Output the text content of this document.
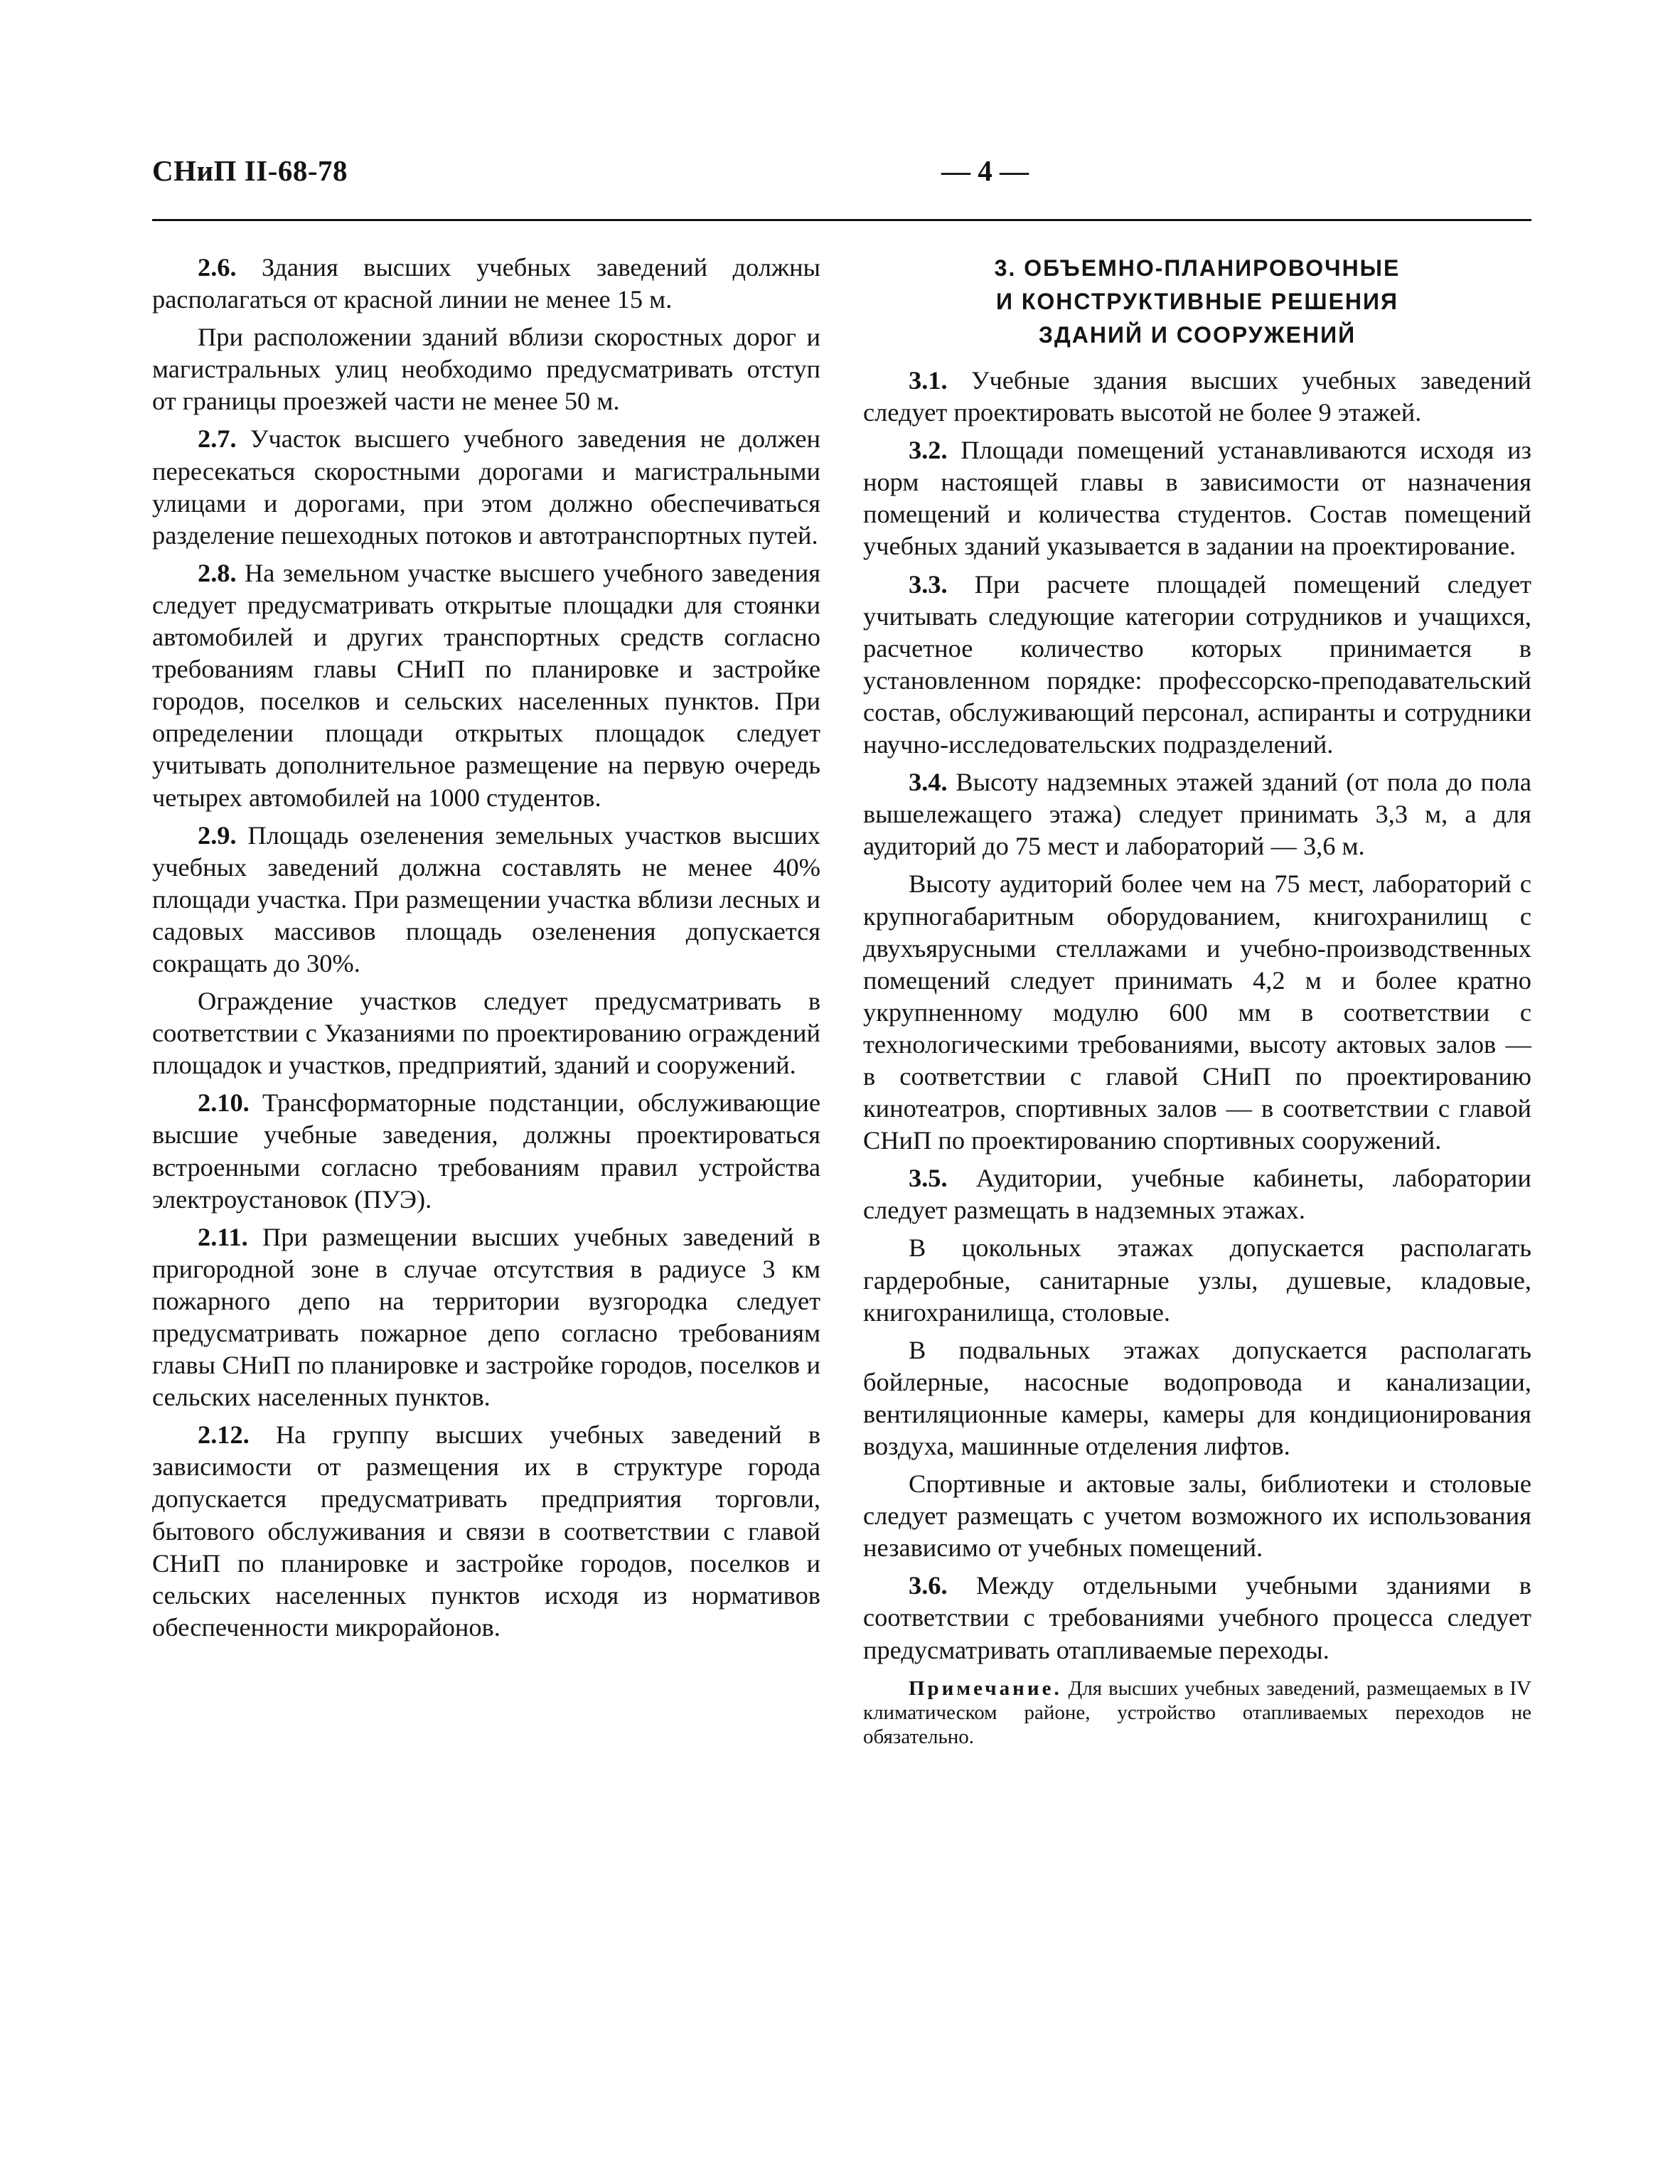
СНиП II-68-78	— 4 —

2.6. Здания высших учебных заведений должны располагаться от красной линии не менее 15 м.

При расположении зданий вблизи скоростных дорог и магистральных улиц необходимо предусматривать отступ от границы проезжей части не менее 50 м.

2.7. Участок высшего учебного заведения не должен пересекаться скоростными дорогами и магистральными улицами и дорогами, при этом должно обеспечиваться разделение пешеходных потоков и автотранспортных путей.

2.8. На земельном участке высшего учебного заведения следует предусматривать открытые площадки для стоянки автомобилей и других транспортных средств согласно требованиям главы СНиП по планировке и застройке городов, поселков и сельских населенных пунктов. При определении площади открытых площадок следует учитывать дополнительное размещение на первую очередь четырех автомобилей на 1000 студентов.

2.9. Площадь озеленения земельных участков высших учебных заведений должна составлять не менее 40% площади участка. При размещении участка вблизи лесных и садовых массивов площадь озеленения допускается сокращать до 30%.

Ограждение участков следует предусматривать в соответствии с Указаниями по проектированию ограждений площадок и участков, предприятий, зданий и сооружений.

2.10. Трансформаторные подстанции, обслуживающие высшие учебные заведения, должны проектироваться встроенными согласно требованиям правил устройства электроустановок (ПУЭ).

2.11. При размещении высших учебных заведений в пригородной зоне в случае отсутствия в радиусе 3 км пожарного депо на территории вузгородка следует предусматривать пожарное депо согласно требованиям главы СНиП по планировке и застройке городов, поселков и сельских населенных пунктов.

2.12. На группу высших учебных заведений в зависимости от размещения их в структуре города допускается предусматривать предприятия торговли, бытового обслуживания и связи в соответствии с главой СНиП по планировке и застройке городов, поселков и сельских населенных пунктов исходя из нормативов обеспеченности микрорайонов.

3. ОБЪЕМНО-ПЛАНИРОВОЧНЫЕ
И КОНСТРУКТИВНЫЕ РЕШЕНИЯ
ЗДАНИЙ И СООРУЖЕНИЙ

3.1. Учебные здания высших учебных заведений следует проектировать высотой не более 9 этажей.

3.2. Площади помещений устанавливаются исходя из норм настоящей главы в зависимости от назначения помещений и количества студентов. Состав помещений учебных зданий указывается в задании на проектирование.

3.3. При расчете площадей помещений следует учитывать следующие категории сотрудников и учащихся, расчетное количество которых принимается в установленном порядке: профессорско-преподавательский состав, обслуживающий персонал, аспиранты и сотрудники научно-исследовательских подразделений.

3.4. Высоту надземных этажей зданий (от пола до пола вышележащего этажа) следует принимать 3,3 м, а для аудиторий до 75 мест и лабораторий — 3,6 м.

Высоту аудиторий более чем на 75 мест, лабораторий с крупногабаритным оборудованием, книгохранилищ с двухъярусными стеллажами и учебно-производственных помещений следует принимать 4,2 м и более кратно укрупненному модулю 600 мм в соответствии с технологическими требованиями, высоту актовых залов — в соответствии с главой СНиП по проектированию кинотеатров, спортивных залов — в соответствии с главой СНиП по проектированию спортивных сооружений.

3.5. Аудитории, учебные кабинеты, лаборатории следует размещать в надземных этажах.

В цокольных этажах допускается располагать гардеробные, санитарные узлы, душевые, кладовые, книгохранилища, столовые.

В подвальных этажах допускается располагать бойлерные, насосные водопровода и канализации, вентиляционные камеры, камеры для кондиционирования воздуха, машинные отделения лифтов.

Спортивные и актовые залы, библиотеки и столовые следует размещать с учетом возможного их использования независимо от учебных помещений.

3.6. Между отдельными учебными зданиями в соответствии с требованиями учебного процесса следует предусматривать отапливаемые переходы.

Примечание. Для высших учебных заведений, размещаемых в IV климатическом районе, устройство отапливаемых переходов не обязательно.
